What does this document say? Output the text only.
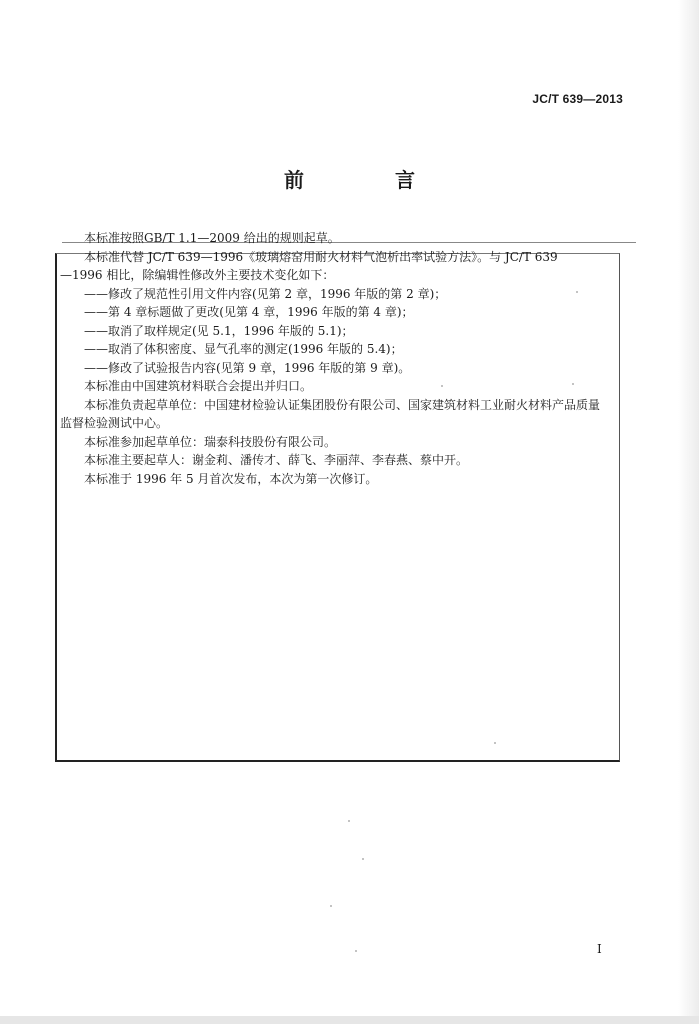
JC/T 639—2013
前 言
本标准按照GB/T 1.1—2009 给出的规则起草。
本标准代替 JC/T 639—1996《玻璃熔窑用耐火材料气泡析出率试验方法》。与 JC/T 639
—1996 相比，除编辑性修改外主要技术变化如下：
——修改了规范性引用文件内容(见第 2 章，1996 年版的第 2 章)；
——第 4 章标题做了更改(见第 4 章，1996 年版的第 4 章)；
——取消了取样规定(见 5.1，1996 年版的 5.1)；
——取消了体积密度、显气孔率的测定(1996 年版的 5.4)；
——修改了试验报告内容(见第 9 章，1996 年版的第 9 章)。
本标准由中国建筑材料联合会提出并归口。
本标准负责起草单位：中国建材检验认证集团股份有限公司、国家建筑材料工业耐火材料产品质量
监督检验测试中心。
本标准参加起草单位：瑞泰科技股份有限公司。
本标准主要起草人：谢金莉、潘传才、薛飞、李丽萍、李春燕、蔡中开。
本标准于 1996 年 5 月首次发布，本次为第一次修订。
I
